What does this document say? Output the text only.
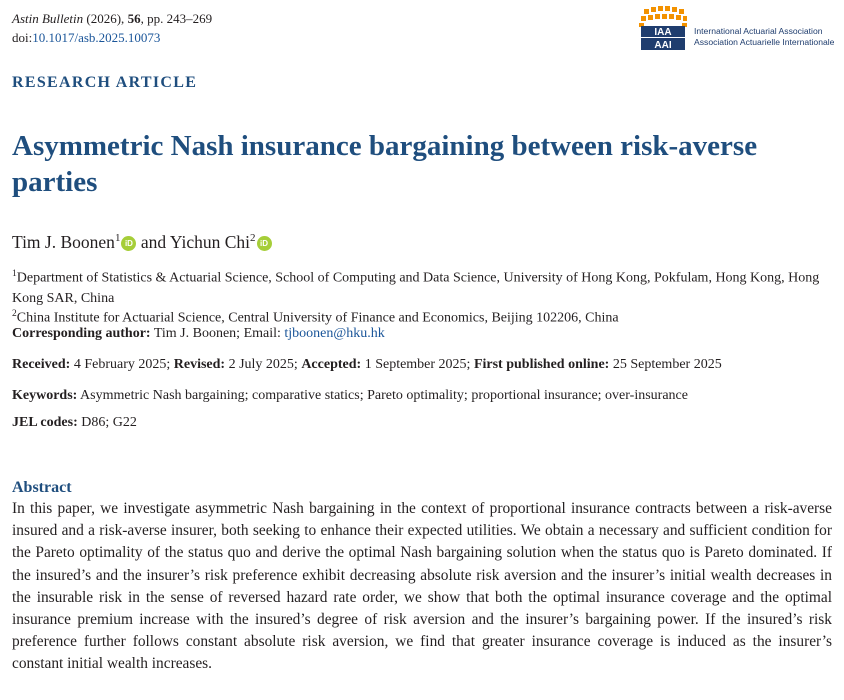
Astin Bulletin (2026), 56, pp. 243–269
doi:10.1017/asb.2025.10073	IAA
AAI
International Actuarial Association
Association Actuarielle Internationale
RESEARCH ARTICLE
Asymmetric Nash insurance bargaining between risk-averse parties
Tim J. Boonen$^1$ iD and Yichun Chi$^2$ iD
$^1$Department of Statistics & Actuarial Science, School of Computing and Data Science, University of Hong Kong, Pokfulam, Hong Kong, Hong Kong SAR, China
$^2$China Institute for Actuarial Science, Central University of Finance and Economics, Beijing 102206, China
Corresponding author: Tim J. Boonen; Email: tjboonen@hku.hk
Received: 4 February 2025; Revised: 2 July 2025; Accepted: 1 September 2025; First published online: 25 September 2025
Keywords: Asymmetric Nash bargaining; comparative statics; Pareto optimality; proportional insurance; over-insurance
JEL codes: D86; G22
Abstract

In this paper, we investigate asymmetric Nash bargaining in the context of proportional insurance contracts between a risk-averse insured and a risk-averse insurer, both seeking to enhance their expected utilities. We obtain a necessary and sufficient condition for the Pareto optimality of the status quo and derive the optimal Nash bargaining solution when the status quo is Pareto dominated. If the insured’s and the insurer’s risk preference exhibit decreasing absolute risk aversion and the insurer’s initial wealth decreases in the insurable risk in the sense of reversed hazard rate order, we show that both the optimal insurance coverage and the optimal insurance premium increase with the insured’s degree of risk aversion and the insurer’s bargaining power. If the insured’s risk preference further follows constant absolute risk aversion, we find that greater insurance coverage is induced as the insurer’s constant initial wealth increases.
